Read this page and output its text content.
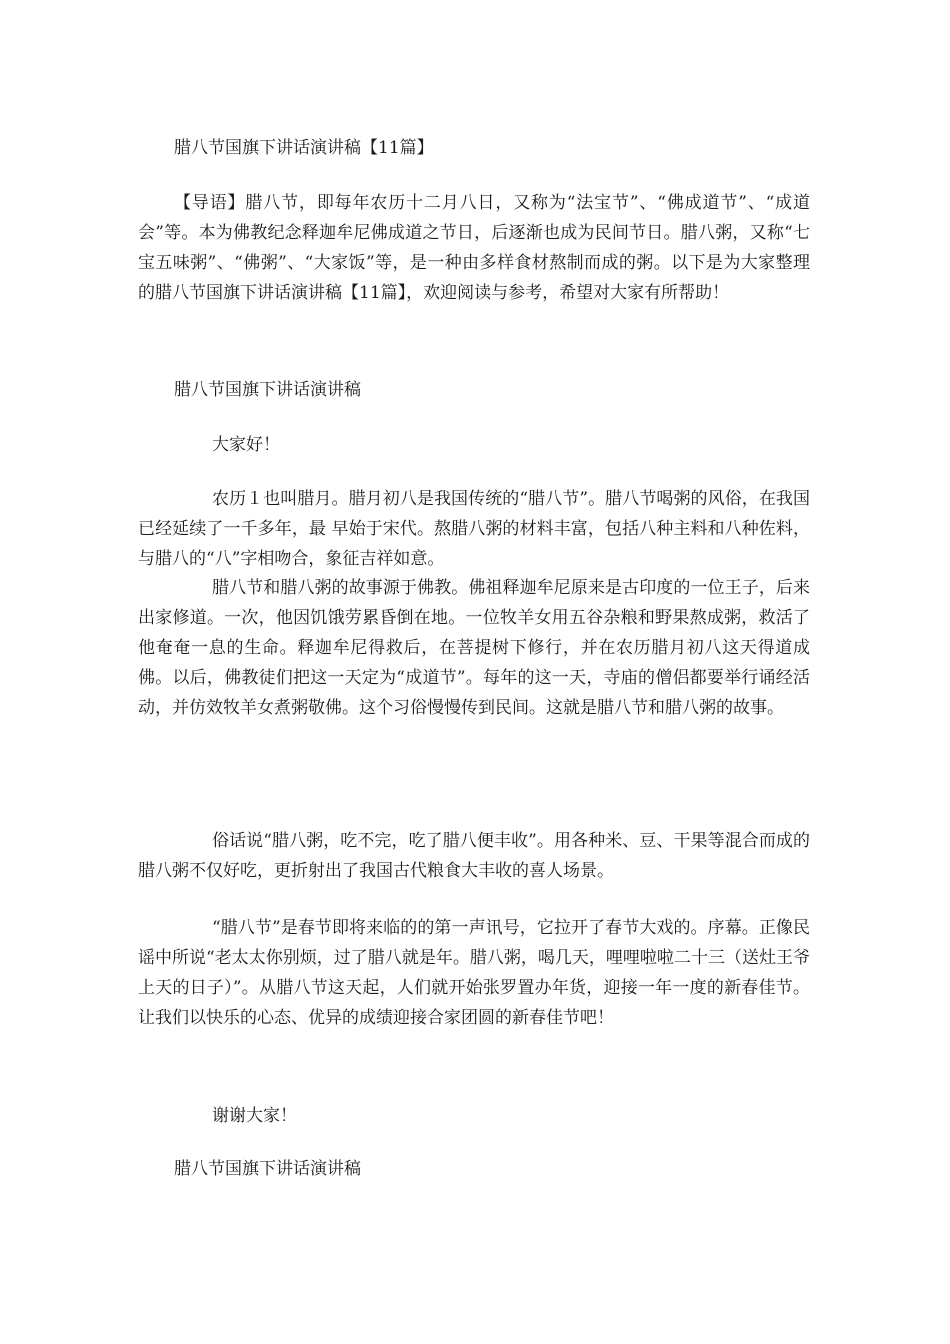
腊八节国旗下讲话演讲稿【11篇】
【导语】腊八节，即每年农历十二月八日，又称为“法宝节”、“佛成道节”、“成道会”等。本为佛教纪念释迦牟尼佛成道之节日，后逐渐也成为民间节日。腊八粥，又称“七宝五味粥”、“佛粥”、“大家饭”等，是一种由多样食材熬制而成的粥。以下是为大家整理的腊八节国旗下讲话演讲稿【11篇】，欢迎阅读与参考，希望对大家有所帮助！
腊八节国旗下讲话演讲稿
大家好！
农历１也叫腊月。腊月初八是我国传统的“腊八节”。腊八节喝粥的风俗，在我国已经延续了一千多年，最 早始于宋代。熬腊八粥的材料丰富，包括八种主料和八种佐料，与腊八的“八”字相吻合，象征吉祥如意。
腊八节和腊八粥的故事源于佛教。佛祖释迦牟尼原来是古印度的一位王子，后来出家修道。一次，他因饥饿劳累昏倒在地。一位牧羊女用五谷杂粮和野果熬成粥，救活了他奄奄一息的生命。释迦牟尼得救后，在菩提树下修行，并在农历腊月初八这天得道成佛。以后，佛教徒们把这一天定为“成道节”。每年的这一天，寺庙的僧侣都要举行诵经活动，并仿效牧羊女煮粥敬佛。这个习俗慢慢传到民间。这就是腊八节和腊八粥的故事。
俗话说“腊八粥，吃不完，吃了腊八便丰收”。用各种米、豆、干果等混合而成的腊八粥不仅好吃，更折射出了我国古代粮食大丰收的喜人场景。
“腊八节”是春节即将来临的的第一声讯号，它拉开了春节大戏的。序幕。正像民谣中所说“老太太你别烦，过了腊八就是年。腊八粥，喝几天，哩哩啦啦二十三（送灶王爷上天的日子）”。从腊八节这天起，人们就开始张罗置办年货，迎接一年一度的新春佳节。让我们以快乐的心态、优异的成绩迎接合家团圆的新春佳节吧！
谢谢大家！
腊八节国旗下讲话演讲稿
